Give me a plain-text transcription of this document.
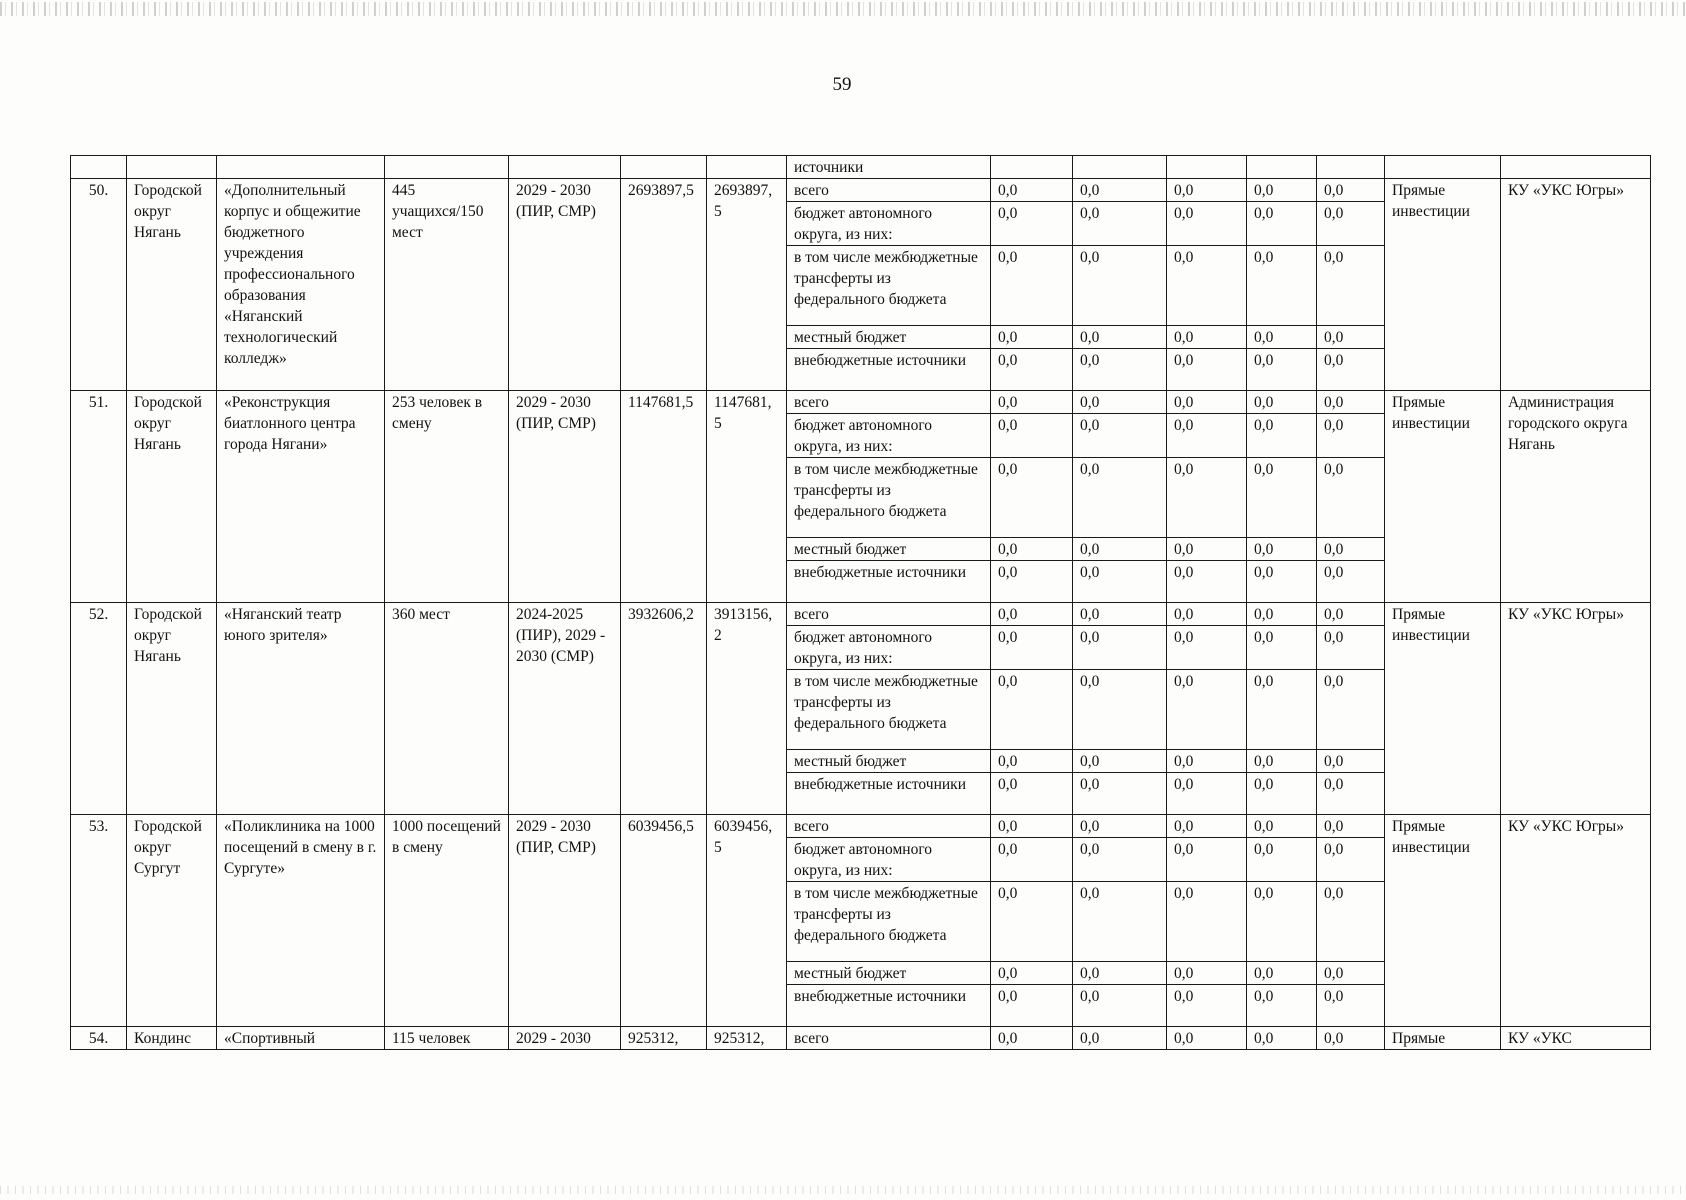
59
							источники							
50.	Городской округ Нягань	«Дополнительный корпус и общежитие бюджетного учреждения профессионального образования «Няганский технологический колледж»	445 учащихся/150 мест	2029 - 2030 (ПИР, СМР)	2693897,5	2693897,5	всего	0,0	0,0	0,0	0,0	0,0	Прямые инвестиции	КУ «УКС Югры»
							бюджет автономного округа, из них:	0,0	0,0	0,0	0,0	0,0		
							в том числе межбюджетные трансферты из федерального бюджета	0,0	0,0	0,0	0,0	0,0		
							местный бюджет	0,0	0,0	0,0	0,0	0,0		
							внебюджетные источники	0,0	0,0	0,0	0,0	0,0		
51.	Городской округ Нягань	«Реконструкция биатлонного центра города Нягани»	253 человек в смену	2029 - 2030 (ПИР, СМР)	1147681,5	1147681,5	всего	0,0	0,0	0,0	0,0	0,0	Прямые инвестиции	Администрация городского округа Нягань
							бюджет автономного округа, из них:	0,0	0,0	0,0	0,0	0,0		
							в том числе межбюджетные трансферты из федерального бюджета	0,0	0,0	0,0	0,0	0,0		
							местный бюджет	0,0	0,0	0,0	0,0	0,0		
							внебюджетные источники	0,0	0,0	0,0	0,0	0,0		
52.	Городской округ Нягань	«Няганский театр юного зрителя»	360 мест	2024-2025 (ПИР), 2029 - 2030 (СМР)	3932606,2	3913156,2	всего	0,0	0,0	0,0	0,0	0,0	Прямые инвестиции	КУ «УКС Югры»
							бюджет автономного округа, из них:	0,0	0,0	0,0	0,0	0,0		
							в том числе межбюджетные трансферты из федерального бюджета	0,0	0,0	0,0	0,0	0,0		
							местный бюджет	0,0	0,0	0,0	0,0	0,0		
							внебюджетные источники	0,0	0,0	0,0	0,0	0,0		
53.	Городской округ Сургут	«Поликлиника на 1000 посещений в смену в г. Сургуте»	1000 посещений в смену	2029 - 2030 (ПИР, СМР)	6039456,5	6039456,5	всего	0,0	0,0	0,0	0,0	0,0	Прямые инвестиции	КУ «УКС Югры»
							бюджет автономного округа, из них:	0,0	0,0	0,0	0,0	0,0		
							в том числе межбюджетные трансферты из федерального бюджета	0,0	0,0	0,0	0,0	0,0		
							местный бюджет	0,0	0,0	0,0	0,0	0,0		
							внебюджетные источники	0,0	0,0	0,0	0,0	0,0		
54.	Кондинс	«Спортивный	115 человек	2029 - 2030	925312,	925312,	всего	0,0	0,0	0,0	0,0	0,0	Прямые	КУ «УКС
